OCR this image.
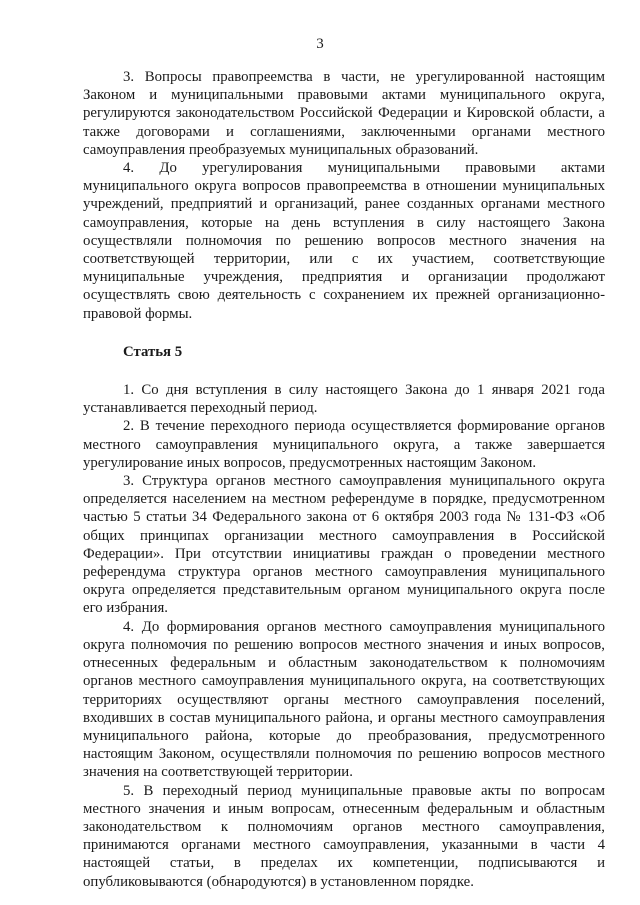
3

3. Вопросы правопреемства в части, не урегулированной настоящим Законом и муниципальными правовыми актами муниципального округа, регулируются законодательством Российской Федерации и Кировской области, а также договорами и соглашениями, заключенными органами местного самоуправления преобразуемых муниципальных образований.

4. До урегулирования муниципальными правовыми актами муниципального округа вопросов правопреемства в отношении муниципальных учреждений, предприятий и организаций, ранее созданных органами местного самоуправления, которые на день вступления в силу настоящего Закона осуществляли полномочия по решению вопросов местного значения на соответствующей территории, или с их участием, соответствующие муниципальные учреждения, предприятия и организации продолжают осуществлять свою деятельность с сохранением их прежней организационно-правовой формы.

Статья 5

1. Со дня вступления в силу настоящего Закона до 1 января 2021 года устанавливается переходный период.

2. В течение переходного периода осуществляется формирование органов местного самоуправления муниципального округа, а также завершается урегулирование иных вопросов, предусмотренных настоящим Законом.

3. Структура органов местного самоуправления муниципального округа определяется населением на местном референдуме в порядке, предусмотренном частью 5 статьи 34 Федерального закона от 6 октября 2003 года № 131-ФЗ «Об общих принципах организации местного самоуправления в Российской Федерации». При отсутствии инициативы граждан о проведении местного референдума структура органов местного самоуправления муниципального округа определяется представительным органом муниципального округа после его избрания.

4. До формирования органов местного самоуправления муниципального округа полномочия по решению вопросов местного значения и иных вопросов, отнесенных федеральным и областным законодательством к полномочиям органов местного самоуправления муниципального округа, на соответствующих территориях осуществляют органы местного самоуправления поселений, входивших в состав муниципального района, и органы местного самоуправления муниципального района, которые до преобразования, предусмотренного настоящим Законом, осуществляли полномочия по решению вопросов местного значения на соответствующей территории.

5. В переходный период муниципальные правовые акты по вопросам местного значения и иным вопросам, отнесенным федеральным и областным законодательством к полномочиям органов местного самоуправления, принимаются органами местного самоуправления, указанными в части 4 настоящей статьи, в пределах их компетенции, подписываются и опубликовываются (обнародуются) в установленном порядке.
